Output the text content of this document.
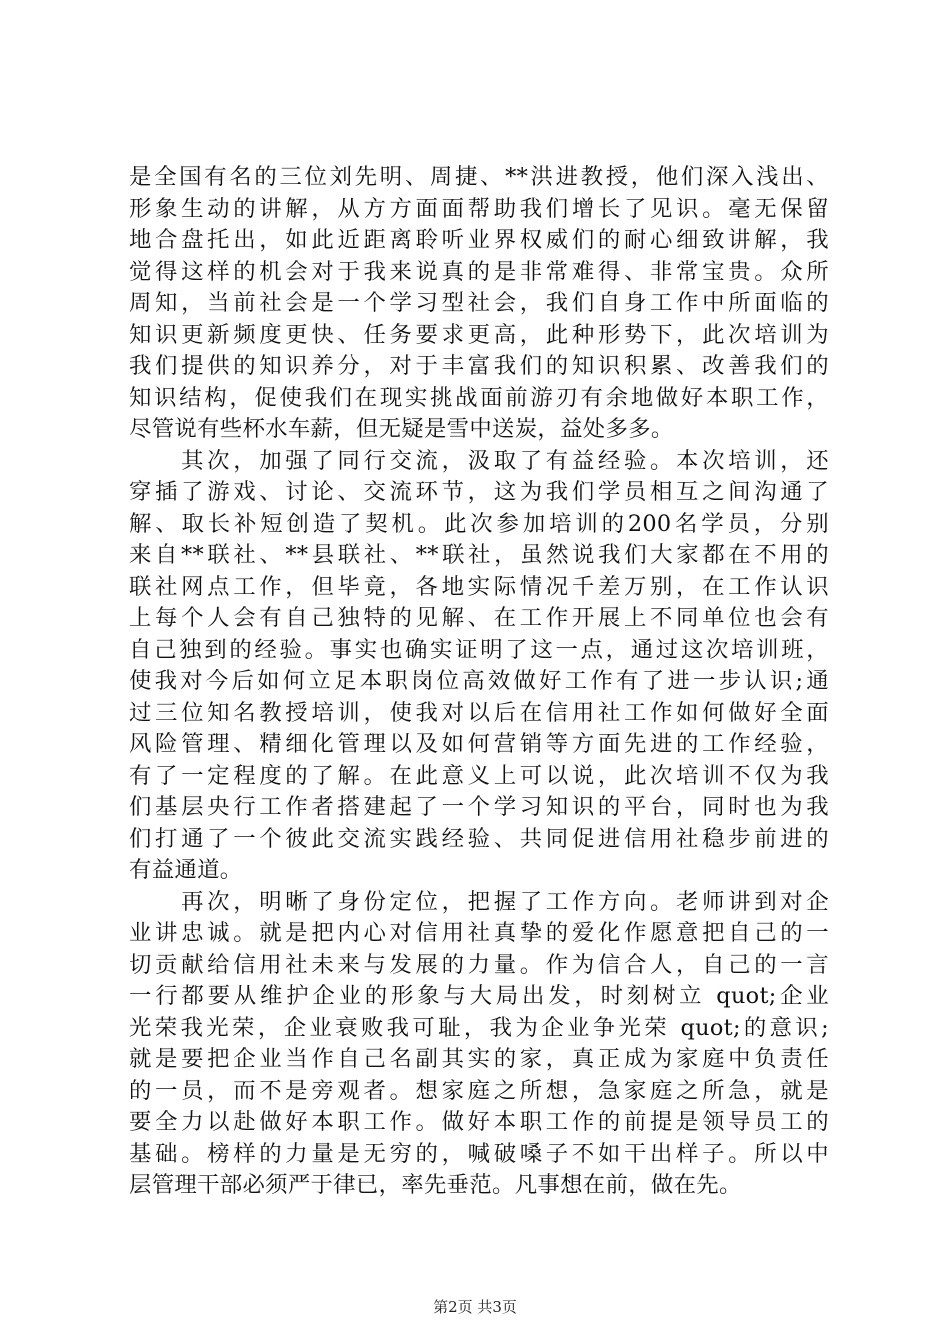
是全国有名的三位刘先明、周捷、**洪进教授，他们深入浅出、
形象生动的讲解，从方方面面帮助我们增长了见识。毫无保留
地合盘托出，如此近距离聆听业界权威们的耐心细致讲解，我
觉得这样的机会对于我来说真的是非常难得、非常宝贵。众所
周知，当前社会是一个学习型社会，我们自身工作中所面临的
知识更新频度更快、任务要求更高，此种形势下，此次培训为
我们提供的知识养分，对于丰富我们的知识积累、改善我们的
知识结构，促使我们在现实挑战面前游刃有余地做好本职工作，
尽管说有些杯水车薪，但无疑是雪中送炭，益处多多。
　　其次，加强了同行交流，汲取了有益经验。本次培训，还
穿插了游戏、讨论、交流环节，这为我们学员相互之间沟通了
解、取长补短创造了契机。此次参加培训的200名学员，分别
来自**联社、**县联社、**联社，虽然说我们大家都在不用的
联社网点工作，但毕竟，各地实际情况千差万别，在工作认识
上每个人会有自己独特的见解、在工作开展上不同单位也会有
自己独到的经验。事实也确实证明了这一点，通过这次培训班，
使我对今后如何立足本职岗位高效做好工作有了进一步认识;通
过三位知名教授培训，使我对以后在信用社工作如何做好全面
风险管理、精细化管理以及如何营销等方面先进的工作经验，
有了一定程度的了解。在此意义上可以说，此次培训不仅为我
们基层央行工作者搭建起了一个学习知识的平台，同时也为我
们打通了一个彼此交流实践经验、共同促进信用社稳步前进的
有益通道。
　　再次，明晰了身份定位，把握了工作方向。老师讲到对企
业讲忠诚。就是把内心对信用社真挚的爱化作愿意把自己的一
切贡献给信用社未来与发展的力量。作为信合人，自己的一言
一行都要从维护企业的形象与大局出发，时刻树立 quot;企业
光荣我光荣，企业衰败我可耻，我为企业争光荣 quot;的意识;
就是要把企业当作自己名副其实的家，真正成为家庭中负责任
的一员，而不是旁观者。想家庭之所想，急家庭之所急，就是
要全力以赴做好本职工作。做好本职工作的前提是领导员工的
基础。榜样的力量是无穷的，喊破嗓子不如干出样子。所以中
层管理干部必须严于律已，率先垂范。凡事想在前，做在先。
第2页 共3页
